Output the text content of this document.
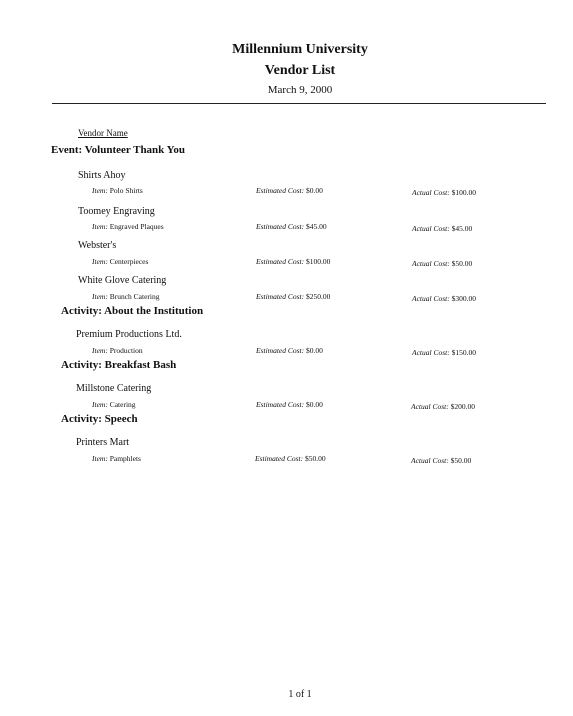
Millennium University
Vendor List
March 9, 2000
Vendor Name
Event: Volunteer Thank You
Shirts Ahoy
Item: Polo Shirts	Estimated Cost: $0.00	Actual Cost: $100.00
Toomey Engraving
Item: Engraved Plaques	Estimated Cost: $45.00	Actual Cost: $45.00
Webster's
Item: Centerpieces	Estimated Cost: $100.00	Actual Cost: $50.00
White Glove Catering
Item: Brunch Catering	Estimated Cost: $250.00	Actual Cost: $300.00
Activity: About the Institution
Premium Productions Ltd.
Item: Production	Estimated Cost: $0.00	Actual Cost: $150.00
Activity: Breakfast Bash
Millstone Catering
Item: Catering	Estimated Cost: $0.00	Actual Cost: $200.00
Activity: Speech
Printers Mart
Item: Pamphlets	Estimated Cost: $50.00	Actual Cost: $50.00
1 of 1
